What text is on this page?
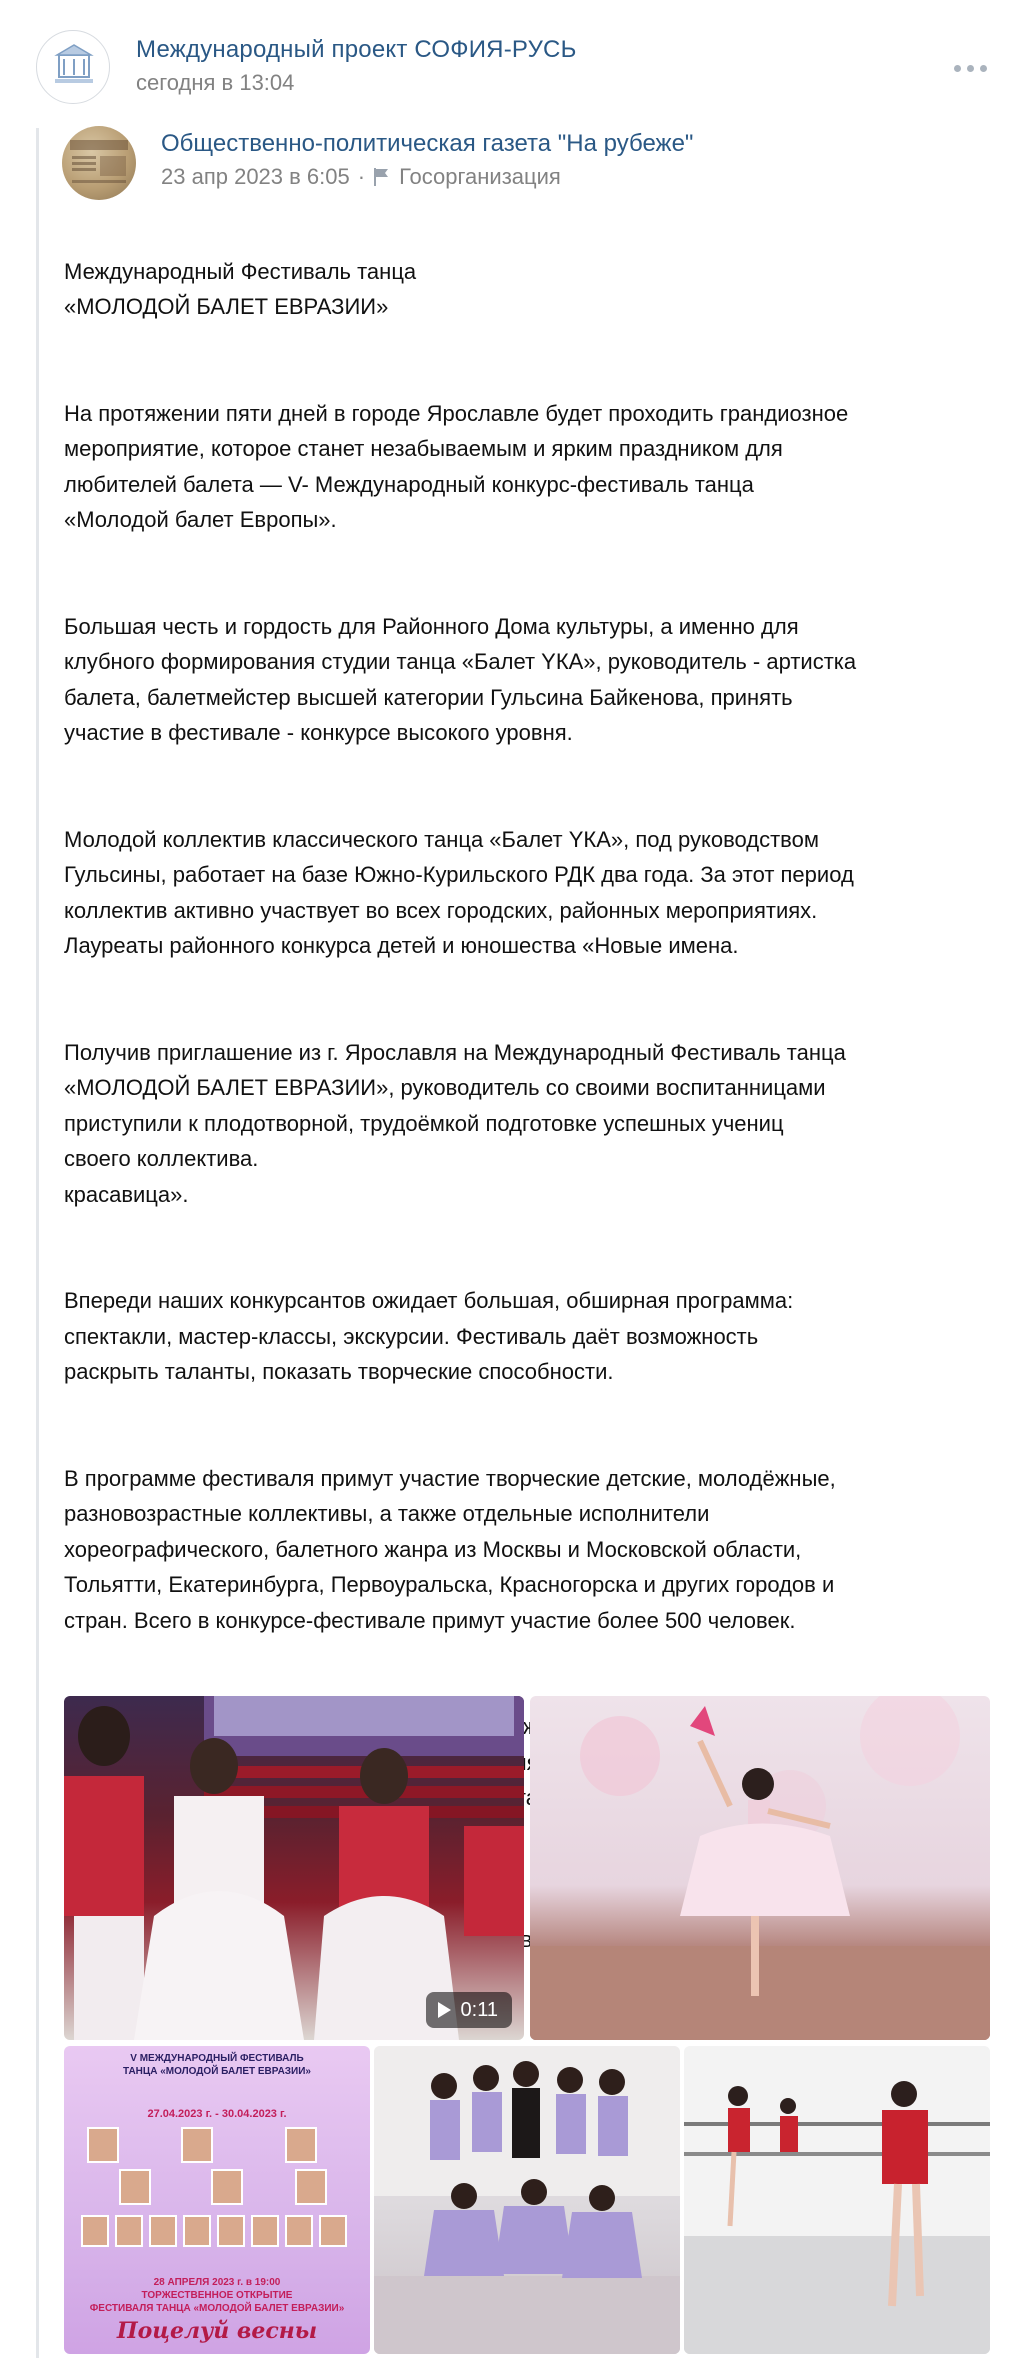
Международный проект СОФИЯ-РУСЬ
сегодня в 13:04
Общественно-политическая газета "На рубеже"
23 апр 2023 в 6:05 · Госорганизация

Международный Фестиваль танца
«МОЛОДОЙ БАЛЕТ ЕВРАЗИИ»

На протяжении пяти дней в городе Ярославле будет проходить грандиозное
мероприятие, которое станет незабываемым и ярким праздником для
любителей балета — V- Международный конкурс-фестиваль танца
«Молодой балет Европы».

Большая честь и гордость для Районного Дома культуры, а именно для
клубного формирования студии танца «Балет YКА», руководитель - артистка
балета, балетмейстер высшей категории Гульсина Байкенова, принять
участие в фестивале - конкурсе высокого уровня.

Молодой коллектив классического танца «Балет YКА», под руководством
Гульсины, работает на базе Южно-Курильского РДК два года. За этот период
коллектив активно участвует во всех городских, районных мероприятиях.
Лауреаты районного конкурса детей и юношества «Новые имена.

Получив приглашение из г. Ярославля на Международный Фестиваль танца
«МОЛОДОЙ БАЛЕТ ЕВРАЗИИ», руководитель со своими воспитанницами
приступили к плодотворной, трудоёмкой подготовке успешных учениц
своего коллектива.
красавица».

Впереди наших конкурсантов ожидает большая, обширная программа:
спектакли, мастер-классы, экскурсии. Фестиваль даёт возможность
раскрыть таланты, показать творческие способности.

В программе фестиваля примут участие творческие детские, молодёжные,
разновозрастные коллективы, а также отдельные исполнители
хореографического, балетного жанра из Москвы и Московской области,
Тольятти, Екатеринбурга, Первоуральска, Красногорска и других городов и
стран. Всего в конкурсе-фестивале примут участие более 500 человек.

0:11
V МЕЖДУНАРОДНЫЙ ФЕСТИВАЛЬ
ТАНЦА «МОЛОДОЙ БАЛЕТ ЕВРАЗИИ»
27.04.2023 г. - 30.04.2023 г.
28 АПРЕЛЯ 2023 г. в 19:00
ТОРЖЕСТВЕННОЕ ОТКРЫТИЕ
ФЕСТИВАЛЯ ТАНЦА «МОЛОДОЙ БАЛЕТ ЕВРАЗИИ»
Поцелуй весны
